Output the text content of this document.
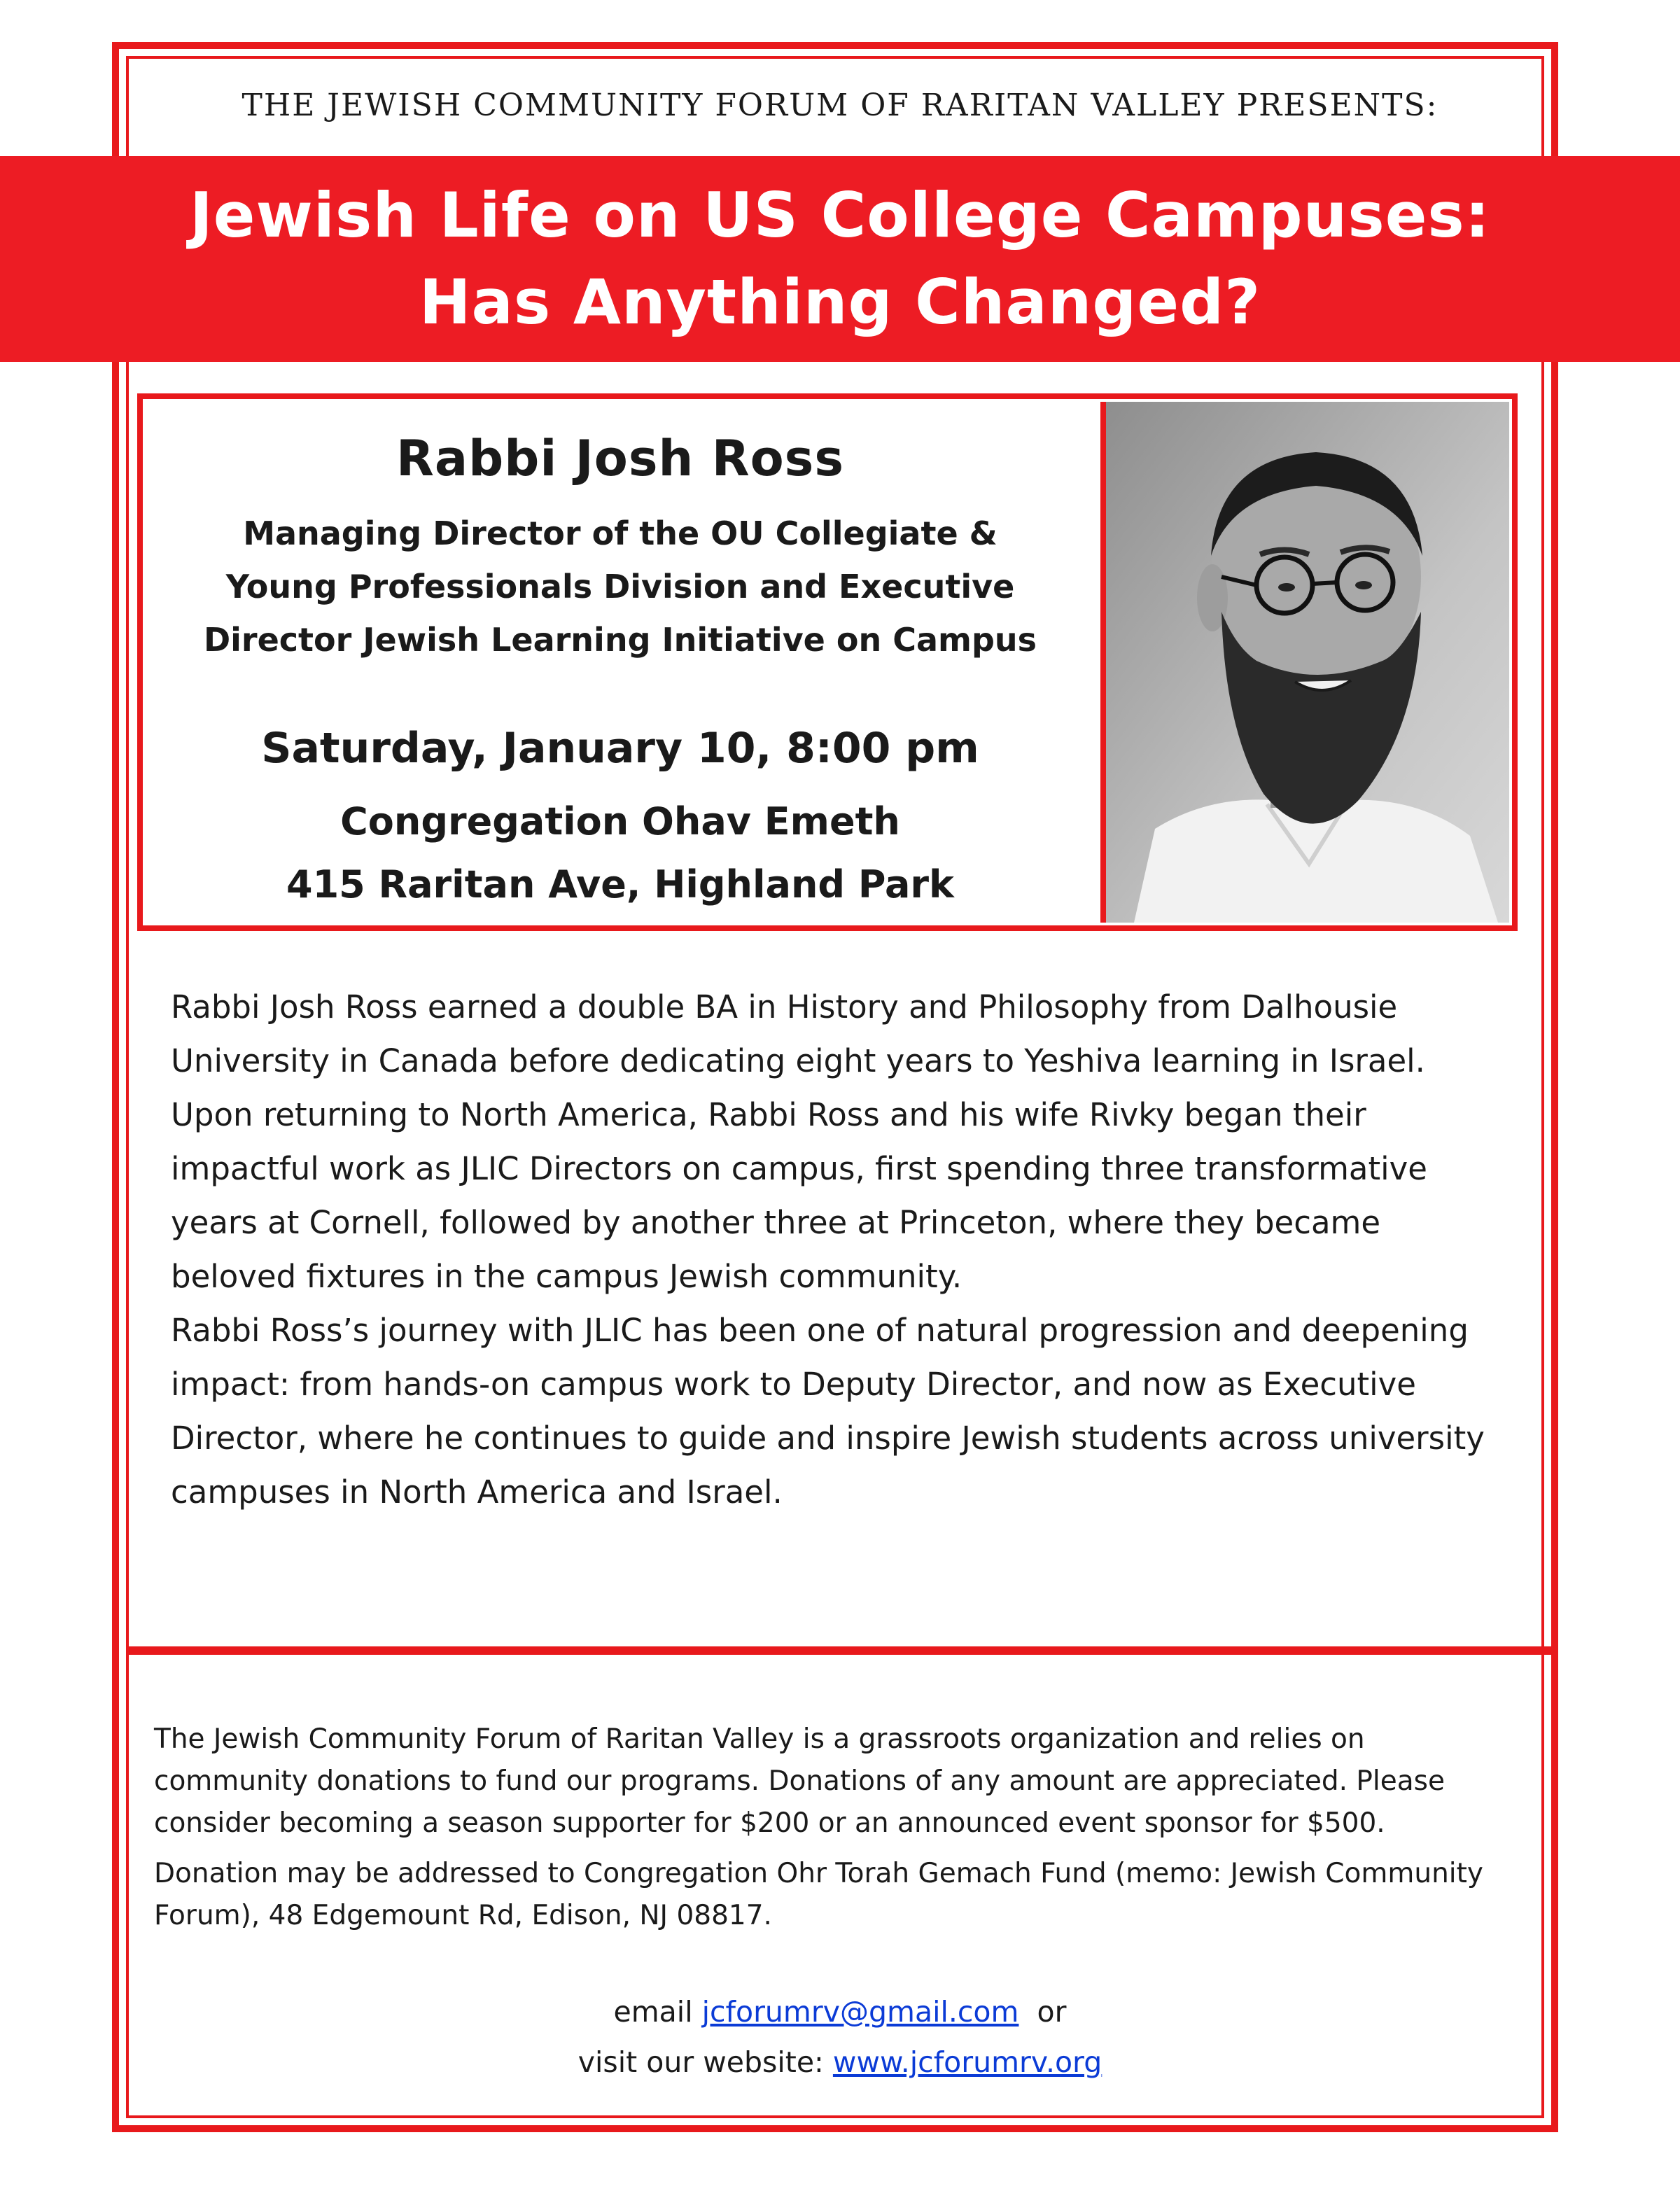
THE JEWISH COMMUNITY FORUM OF RARITAN VALLEY PRESENTS:
Jewish Life on US College Campuses:
Has Anything Changed?
Rabbi Josh Ross
Managing Director of the OU Collegiate &
Young Professionals Division and Executive
Director Jewish Learning Initiative on Campus
Saturday, January 10, 8:00 pm
Congregation Ohav Emeth
415 Raritan Ave, Highland Park

Rabbi Josh Ross earned a double BA in History and Philosophy from Dalhousie University in Canada before dedicating eight years to Yeshiva learning in Israel. Upon returning to North America, Rabbi Ross and his wife Rivky began their impactful work as JLIC Directors on campus, first spending three transformative years at Cornell, followed by another three at Princeton, where they became beloved fixtures in the campus Jewish community.

Rabbi Ross’s journey with JLIC has been one of natural progression and deepening impact: from hands-on campus work to Deputy Director, and now as Executive Director, where he continues to guide and inspire Jewish students across university campuses in North America and Israel.

The Jewish Community Forum of Raritan Valley is a grassroots organization and relies on community donations to fund our programs. Donations of any amount are appreciated. Please consider becoming a season supporter for $200 or an announced event sponsor for $500.

Donation may be addressed to Congregation Ohr Torah Gemach Fund (memo: Jewish Community Forum), 48 Edgemount Rd, Edison, NJ 08817.

email jcforumrv@gmail.com  or
visit our website: www.jcforumrv.org
